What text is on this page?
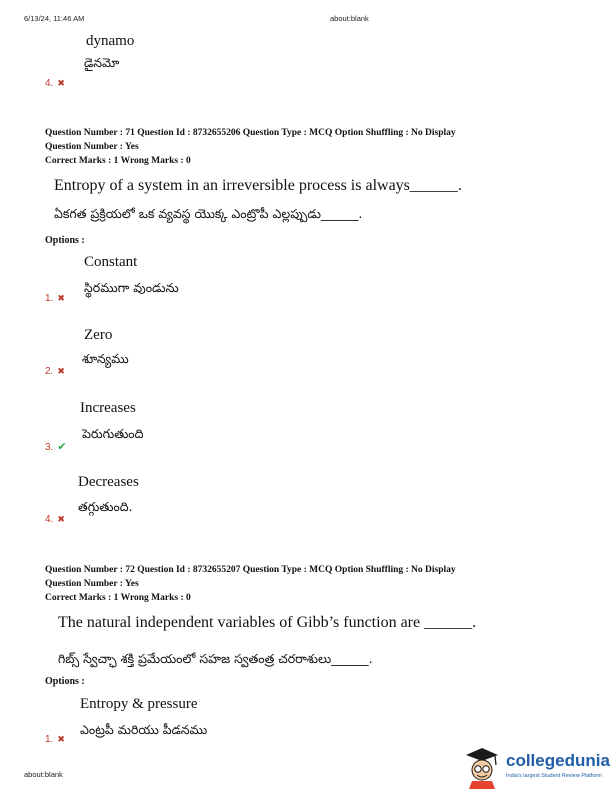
6/13/24, 11:46 AM	about:blank
dynamo
డైనమో
4. ✖
Question Number : 71 Question Id : 8732655206 Question Type : MCQ Option Shuffling : No Display
Question Number : Yes
Correct Marks : 1 Wrong Marks : 0
Entropy of a system in an irreversible process is always______.
ఏకగత ప్రక్రియలో ఒక వ్యవస్థ యొక్క ఎంట్రొపీ ఎల్లప్పుడు______.
Options :
Constant
స్థిరముగా వుండును
1. ✖
Zero
శూన్యము
2. ✖
Increases
పెరుగుతుంది
3. ✔
Decreases
తగ్గుతుంది.
4. ✖
Question Number : 72 Question Id : 8732655207 Question Type : MCQ Option Shuffling : No Display
Question Number : Yes
Correct Marks : 1 Wrong Marks : 0
The natural independent variables of Gibb’s function are ______.
గిబ్స్ స్వేచ్ఛా శక్తి ప్రమేయంలో సహజ స్వతంత్ర చరరాశులు______.
Options :
Entropy & pressure
ఎంట్రపీ మరియు పీడనము
1. ✖
about:blank
collegedunia
India's largest Student Review Platform
